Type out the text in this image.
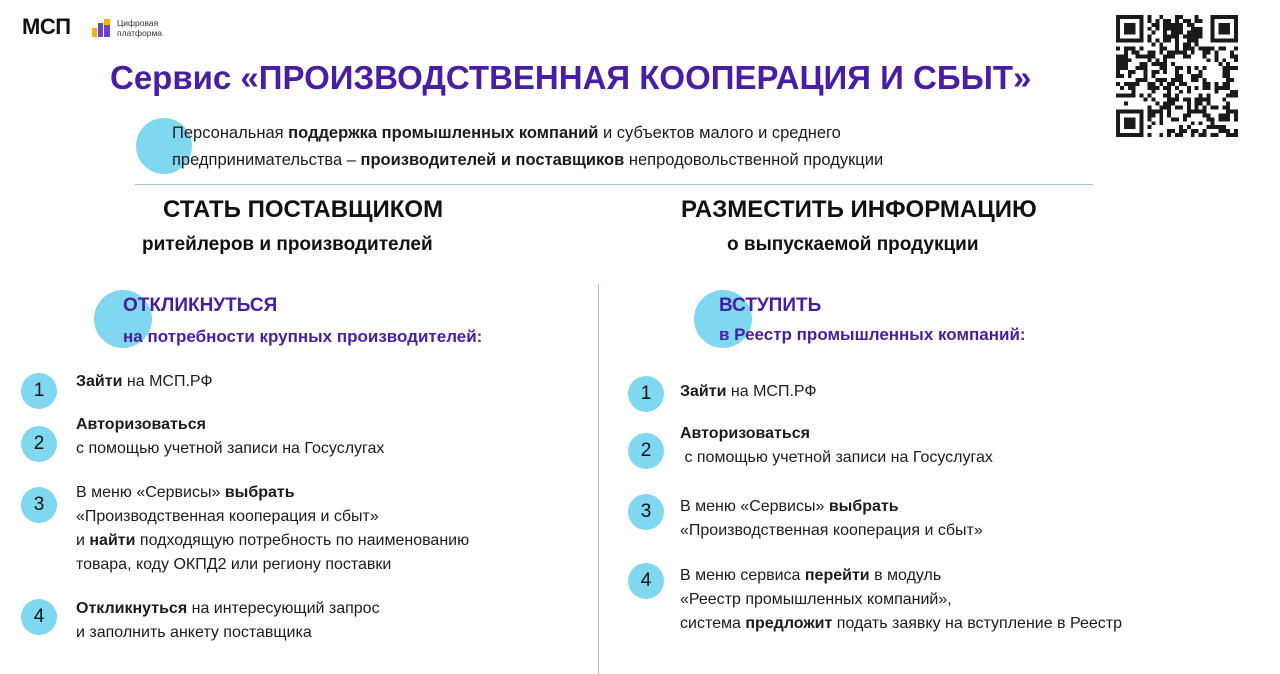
МСП	Цифровая
платформа
Сервис «ПРОИЗВОДСТВЕННАЯ КООПЕРАЦИЯ И СБЫТ»
Персональная поддержка промышленных компаний и субъектов малого и среднего
предпринимательства – производителей и поставщиков непродовольственной продукции
СТАТЬ ПОСТАВЩИКОМ
ритейлеров и производителей
РАЗМЕСТИТЬ ИНФОРМАЦИЮ
о выпускаемой продукции
ОТКЛИКНУТЬСЯ
на потребности крупных производителей:
ВСТУПИТЬ
в Реестр промышленных компаний:
1	Зайти на МСП.РФ
2
Авторизоваться
с помощью учетной записи на Госуслугах
3
В меню «Сервисы» выбрать
«Производственная кооперация и сбыт»
и найти подходящую потребность по наименованию
товара, коду ОКПД2 или региону поставки
4	Откликнуться на интересующий запрос
и заполнить анкету поставщика
1	Зайти на МСП.РФ
2
Авторизоваться
с помощью учетной записи на Госуслугах
3	В меню «Сервисы» выбрать
«Производственная кооперация и сбыт»
4	В меню сервиса перейти в модуль
«Реестр промышленных компаний»,
система предложит подать заявку на вступление в Реестр
